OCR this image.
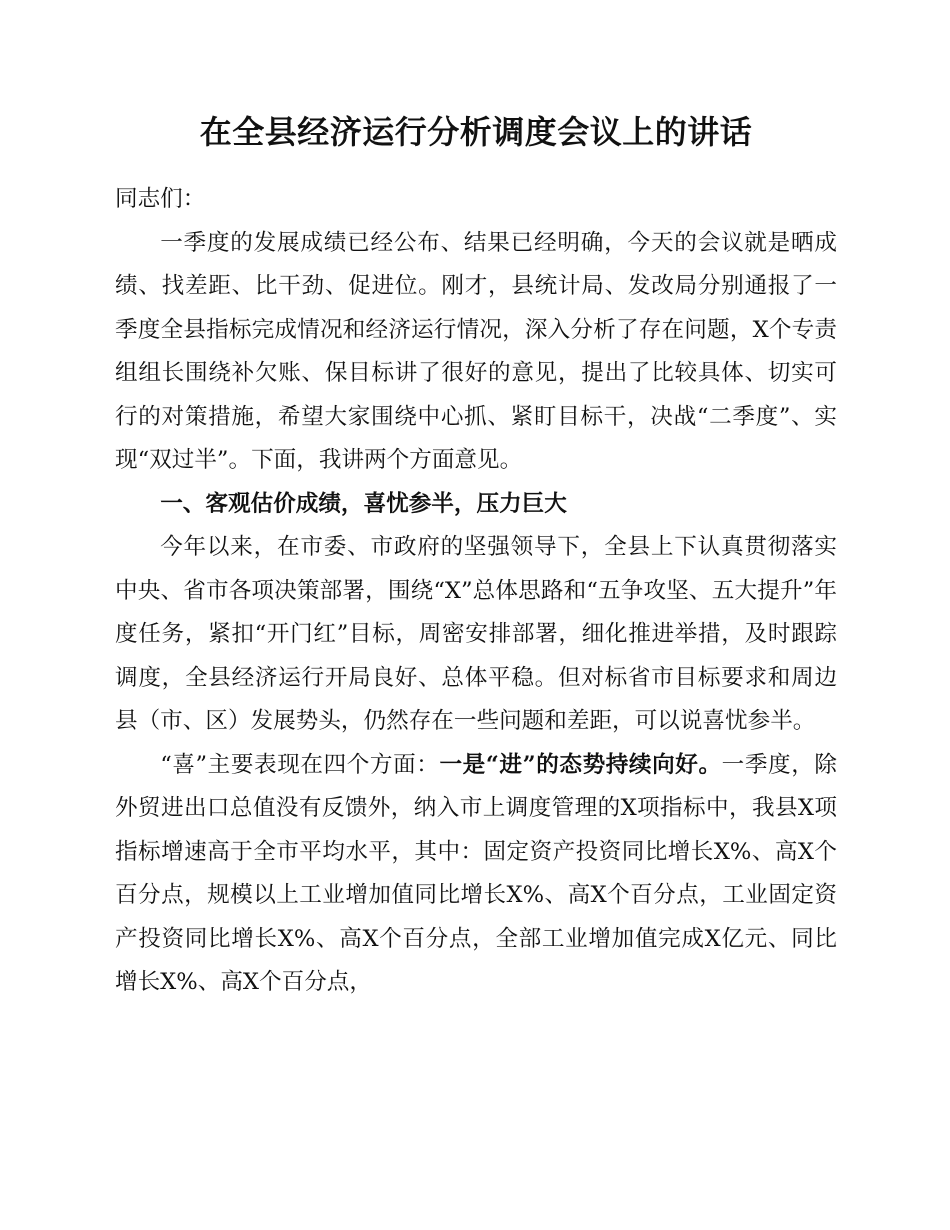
在全县经济运行分析调度会议上的讲话

同志们：

一季度的发展成绩已经公布、结果已经明确，今天的会议就是晒成绩、找差距、比干劲、促进位。刚才，县统计局、发改局分别通报了一季度全县指标完成情况和经济运行情况，深入分析了存在问题，X个专责组组长围绕补欠账、保目标讲了很好的意见，提出了比较具体、切实可行的对策措施，希望大家围绕中心抓、紧盯目标干，决战“二季度”、实现“双过半”。下面，我讲两个方面意见。

一、客观估价成绩，喜忧参半，压力巨大

今年以来，在市委、市政府的坚强领导下，全县上下认真贯彻落实中央、省市各项决策部署，围绕“X”总体思路和“五争攻坚、五大提升”年度任务，紧扣“开门红”目标，周密安排部署，细化推进举措，及时跟踪调度，全县经济运行开局良好、总体平稳。但对标省市目标要求和周边县（市、区）发展势头，仍然存在一些问题和差距，可以说喜忧参半。

“喜”主要表现在四个方面：一是“进”的态势持续向好。一季度，除外贸进出口总值没有反馈外，纳入市上调度管理的X项指标中，我县X项指标增速高于全市平均水平，其中：固定资产投资同比增长X%、高X个百分点，规模以上工业增加值同比增长X%、高X个百分点，工业固定资产投资同比增长X%、高X个百分点，全部工业增加值完成X亿元、同比增长X%、高X个百分点，
